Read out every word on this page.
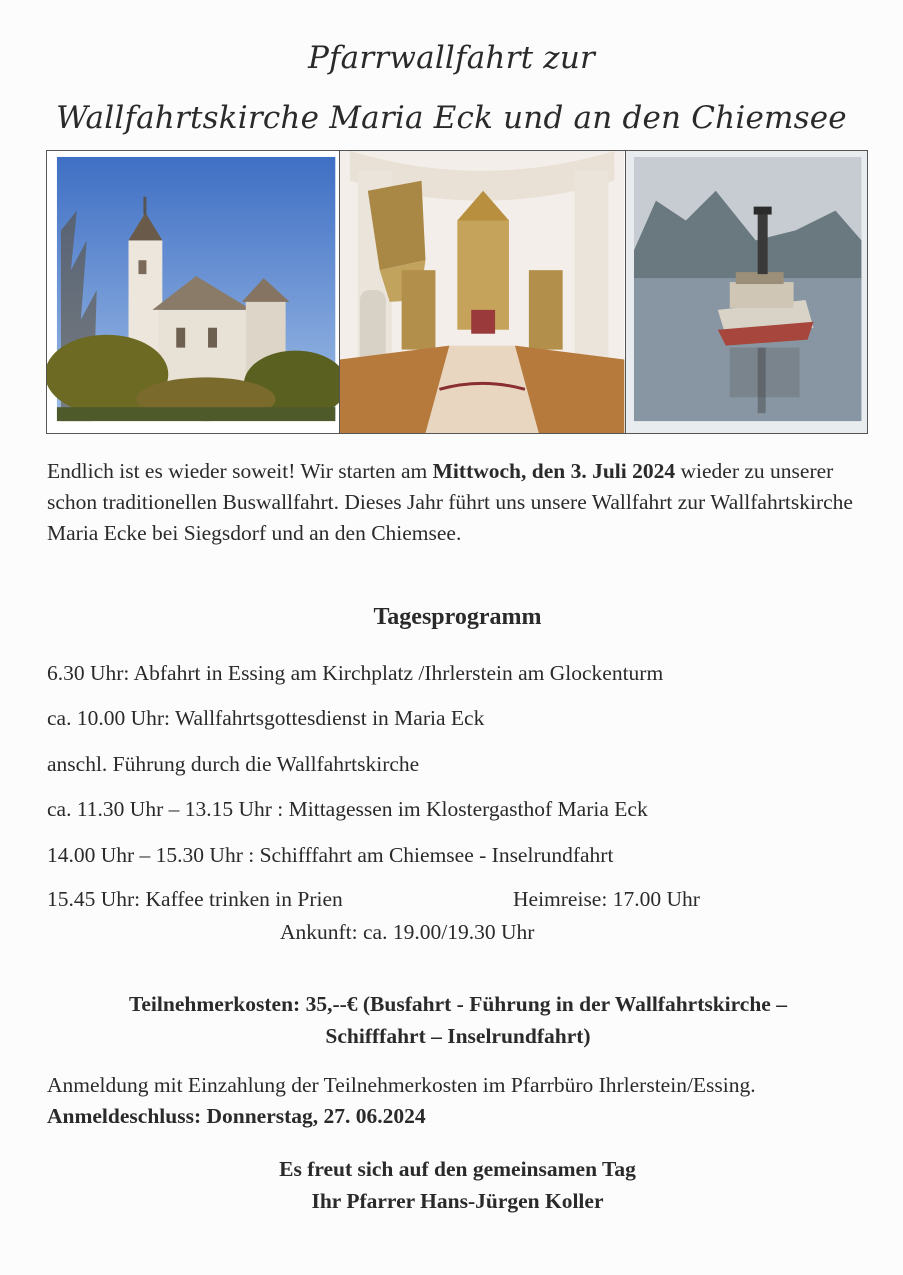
Pfarrwallfahrt zur
Wallfahrtskirche Maria Eck und an den Chiemsee
Endlich ist es wieder soweit! Wir starten am Mittwoch, den 3. Juli 2024 wieder zu unserer schon traditionellen Buswallfahrt. Dieses Jahr führt uns unsere Wallfahrt zur Wallfahrtskirche Maria Ecke bei Siegsdorf und an den Chiemsee.
Tagesprogramm
6.30 Uhr: Abfahrt in Essing am Kirchplatz /Ihrlerstein am Glockenturm
ca. 10.00 Uhr: Wallfahrtsgottesdienst in Maria Eck
anschl. Führung durch die Wallfahrtskirche
ca. 11.30 Uhr – 13.15 Uhr : Mittagessen im Klostergasthof Maria Eck
14.00 Uhr – 15.30 Uhr : Schifffahrt am Chiemsee - Inselrundfahrt
15.45 Uhr: Kaffee trinken in Prien	Heimreise: 17.00 Uhr
Ankunft: ca. 19.00/19.30 Uhr
Teilnehmerkosten: 35,--€ (Busfahrt - Führung in der Wallfahrtskirche –
Schifffahrt – Inselrundfahrt)
Anmeldung mit Einzahlung der Teilnehmerkosten im Pfarrbüro Ihrlerstein/Essing. Anmeldeschluss: Donnerstag, 27. 06.2024
Es freut sich auf den gemeinsamen Tag
Ihr Pfarrer Hans-Jürgen Koller
